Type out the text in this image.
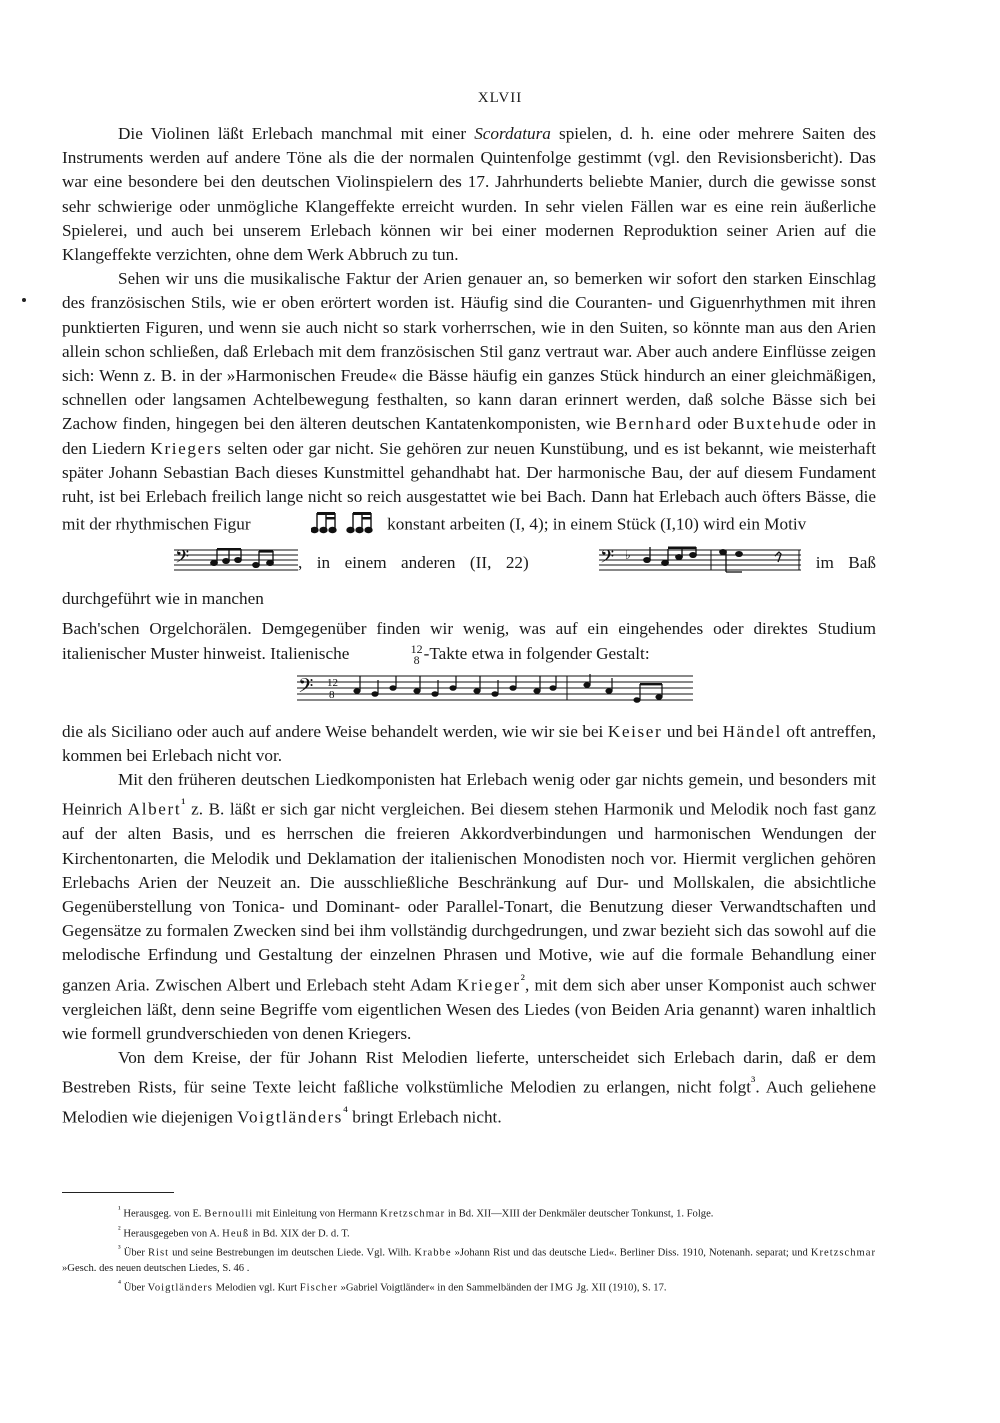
XLVII

Die Violinen läßt Erlebach manchmal mit einer Scordatura spielen, d. h. eine oder mehrere Saiten des Instruments werden auf andere Töne als die der normalen Quintenfolge gestimmt (vgl. den Revisionsbericht). Das war eine besondere bei den deutschen Violinspielern des 17. Jahrhunderts beliebte Manier, durch die gewisse sonst sehr schwierige oder unmögliche Klangeffekte erreicht wurden. In sehr vielen Fällen war es eine rein äußerliche Spielerei, und auch bei unserem Erlebach können wir bei einer modernen Reproduktion seiner Arien auf die Klangeffekte verzichten, ohne dem Werk Abbruch zu tun.

Sehen wir uns die musikalische Faktur der Arien genauer an, so bemerken wir sofort den starken Einschlag des französischen Stils, wie er oben erörtert worden ist. Häufig sind die Couranten- und Giguenrhythmen mit ihren punktierten Figuren, und wenn sie auch nicht so stark vorherrschen, wie in den Suiten, so könnte man aus den Arien allein schon schließen, daß Erlebach mit dem französischen Stil ganz vertraut war. Aber auch andere Einflüsse zeigen sich: Wenn z. B. in der »Harmonischen Freude« die Bässe häufig ein ganzes Stück hindurch an einer gleichmäßigen, schnellen oder langsamen Achtelbewegung festhalten, so kann daran erinnert werden, daß solche Bässe sich bei Zachow finden, hingegen bei den älteren deutschen Kantatenkomponisten, wie Bernhard oder Buxtehude oder in den Liedern Kriegers selten oder gar nicht. Sie gehören zur neuen Kunstübung, und es ist bekannt, wie meisterhaft später Johann Sebastian Bach dieses Kunstmittel gehandhabt hat. Der harmonische Bau, der auf diesem Fundament ruht, ist bei Erlebach freilich lange nicht so reich ausgestattet wie bei Bach. Dann hat Erlebach auch öfters Bässe, die mit der rhythmischen Figur	konstant arbeiten (I, 4); in einem Stück (I,10) wird ein Motiv
𝄢	, in einem anderen (II, 22)	𝄢 ♭	im Baß durchgeführt wie in manchen
Bach'schen Orgelchorälen. Demgegenüber finden wir wenig, was auf ein eingehendes oder direktes Studium italienischer Muster hinweist. Italienische	12
8 -Takte etwa in folgender Gestalt:
𝄢 12
8
die als Siciliano oder auch auf andere Weise behandelt werden, wie wir sie bei Keiser und bei Händel oft antreffen, kommen bei Erlebach nicht vor.

Mit den früheren deutschen Liedkomponisten hat Erlebach wenig oder gar nichts gemein, und besonders mit Heinrich Albert$^{^1}$ z. B. läßt er sich gar nicht vergleichen. Bei diesem stehen Harmonik und Melodik noch fast ganz auf der alten Basis, und es herrschen die freieren Akkordverbindungen und harmonischen Wendungen der Kirchentonarten, die Melodik und Deklamation der italienischen Monodisten noch vor. Hiermit verglichen gehören Erlebachs Arien der Neuzeit an. Die ausschließliche Beschränkung auf Dur- und Mollskalen, die absichtliche Gegenüberstellung von Tonica- und Dominant- oder Parallel-Tonart, die Benutzung dieser Verwandtschaften und Gegensätze zu formalen Zwecken sind bei ihm vollständig durchgedrungen, und zwar bezieht sich das sowohl auf die melodische Erfindung und Gestaltung der einzelnen Phrasen und Motive, wie auf die formale Behandlung einer ganzen Aria. Zwischen Albert und Erlebach steht Adam Krieger$^{^2}$, mit dem sich aber unser Komponist auch schwer vergleichen läßt, denn seine Begriffe vom eigentlichen Wesen des Liedes (von Beiden Aria genannt) waren inhaltlich wie formell grundverschieden von denen Kriegers.

Von dem Kreise, der für Johann Rist Melodien lieferte, unterscheidet sich Erlebach darin, daß er dem Bestreben Rists, für seine Texte leicht faßliche volkstümliche Melodien zu erlangen, nicht folgt$^{^3}$. Auch geliehene Melodien wie diejenigen Voigtländers$^{^4}$ bringt Erlebach nicht.

$^{^1}$ Herausgeg. von E. Bernoulli mit Einleitung von Hermann Kretzschmar in Bd. XII—XIII der Denkmäler deutscher Tonkunst, 1. Folge.

$^{^2}$ Herausgegeben von A. Heuß in Bd. XIX der D. d. T.

$^{^3}$ Über Rist und seine Bestrebungen im deutschen Liede. Vgl. Wilh. Krabbe »Johann Rist und das deutsche Lied«. Berliner Diss. 1910, Notenanh. separat; und Kretzschmar »Gesch. des neuen deutschen Liedes, S. 46 .

$^{^4}$ Über Voigtländers Melodien vgl. Kurt Fischer »Gabriel Voigtländer« in den Sammelbänden der IMG Jg. XII (1910), S. 17.
